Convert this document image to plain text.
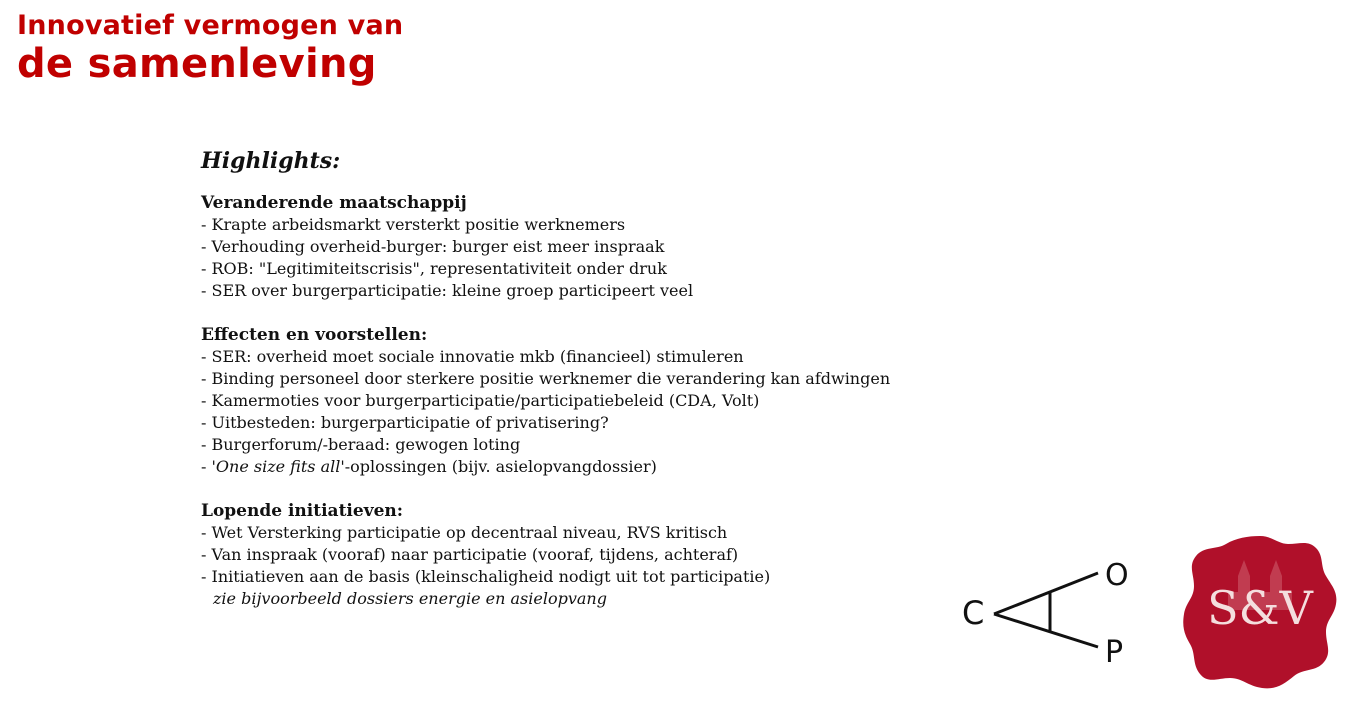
Innovatief vermogen van
de samenleving
Highlights:
Veranderende maatschappij
- Krapte arbeidsmarkt versterkt positie werknemers
- Verhouding overheid-burger: burger eist meer inspraak
- ROB: "Legitimiteitscrisis", representativiteit onder druk
- SER over burgerparticipatie: kleine groep participeert veel
Effecten en voorstellen:
- SER: overheid moet sociale innovatie mkb (financieel) stimuleren
- Binding personeel door sterkere positie werknemer die verandering kan afdwingen
- Kamermoties voor burgerparticipatie/participatiebeleid (CDA, Volt)
- Uitbesteden: burgerparticipatie of privatisering?
- Burgerforum/-beraad: gewogen loting
- 'One size fits all'-oplossingen (bijv. asielopvangdossier)
Lopende initiatieven:
- Wet Versterking participatie op decentraal niveau, RVS kritisch
- Van inspraak (vooraf) naar participatie (vooraf, tijdens, achteraf)
- Initiatieven aan de basis (kleinschaligheid nodigt uit tot participatie)
zie bijvoorbeeld dossiers energie en asielopvang	C
O
P
S&V
